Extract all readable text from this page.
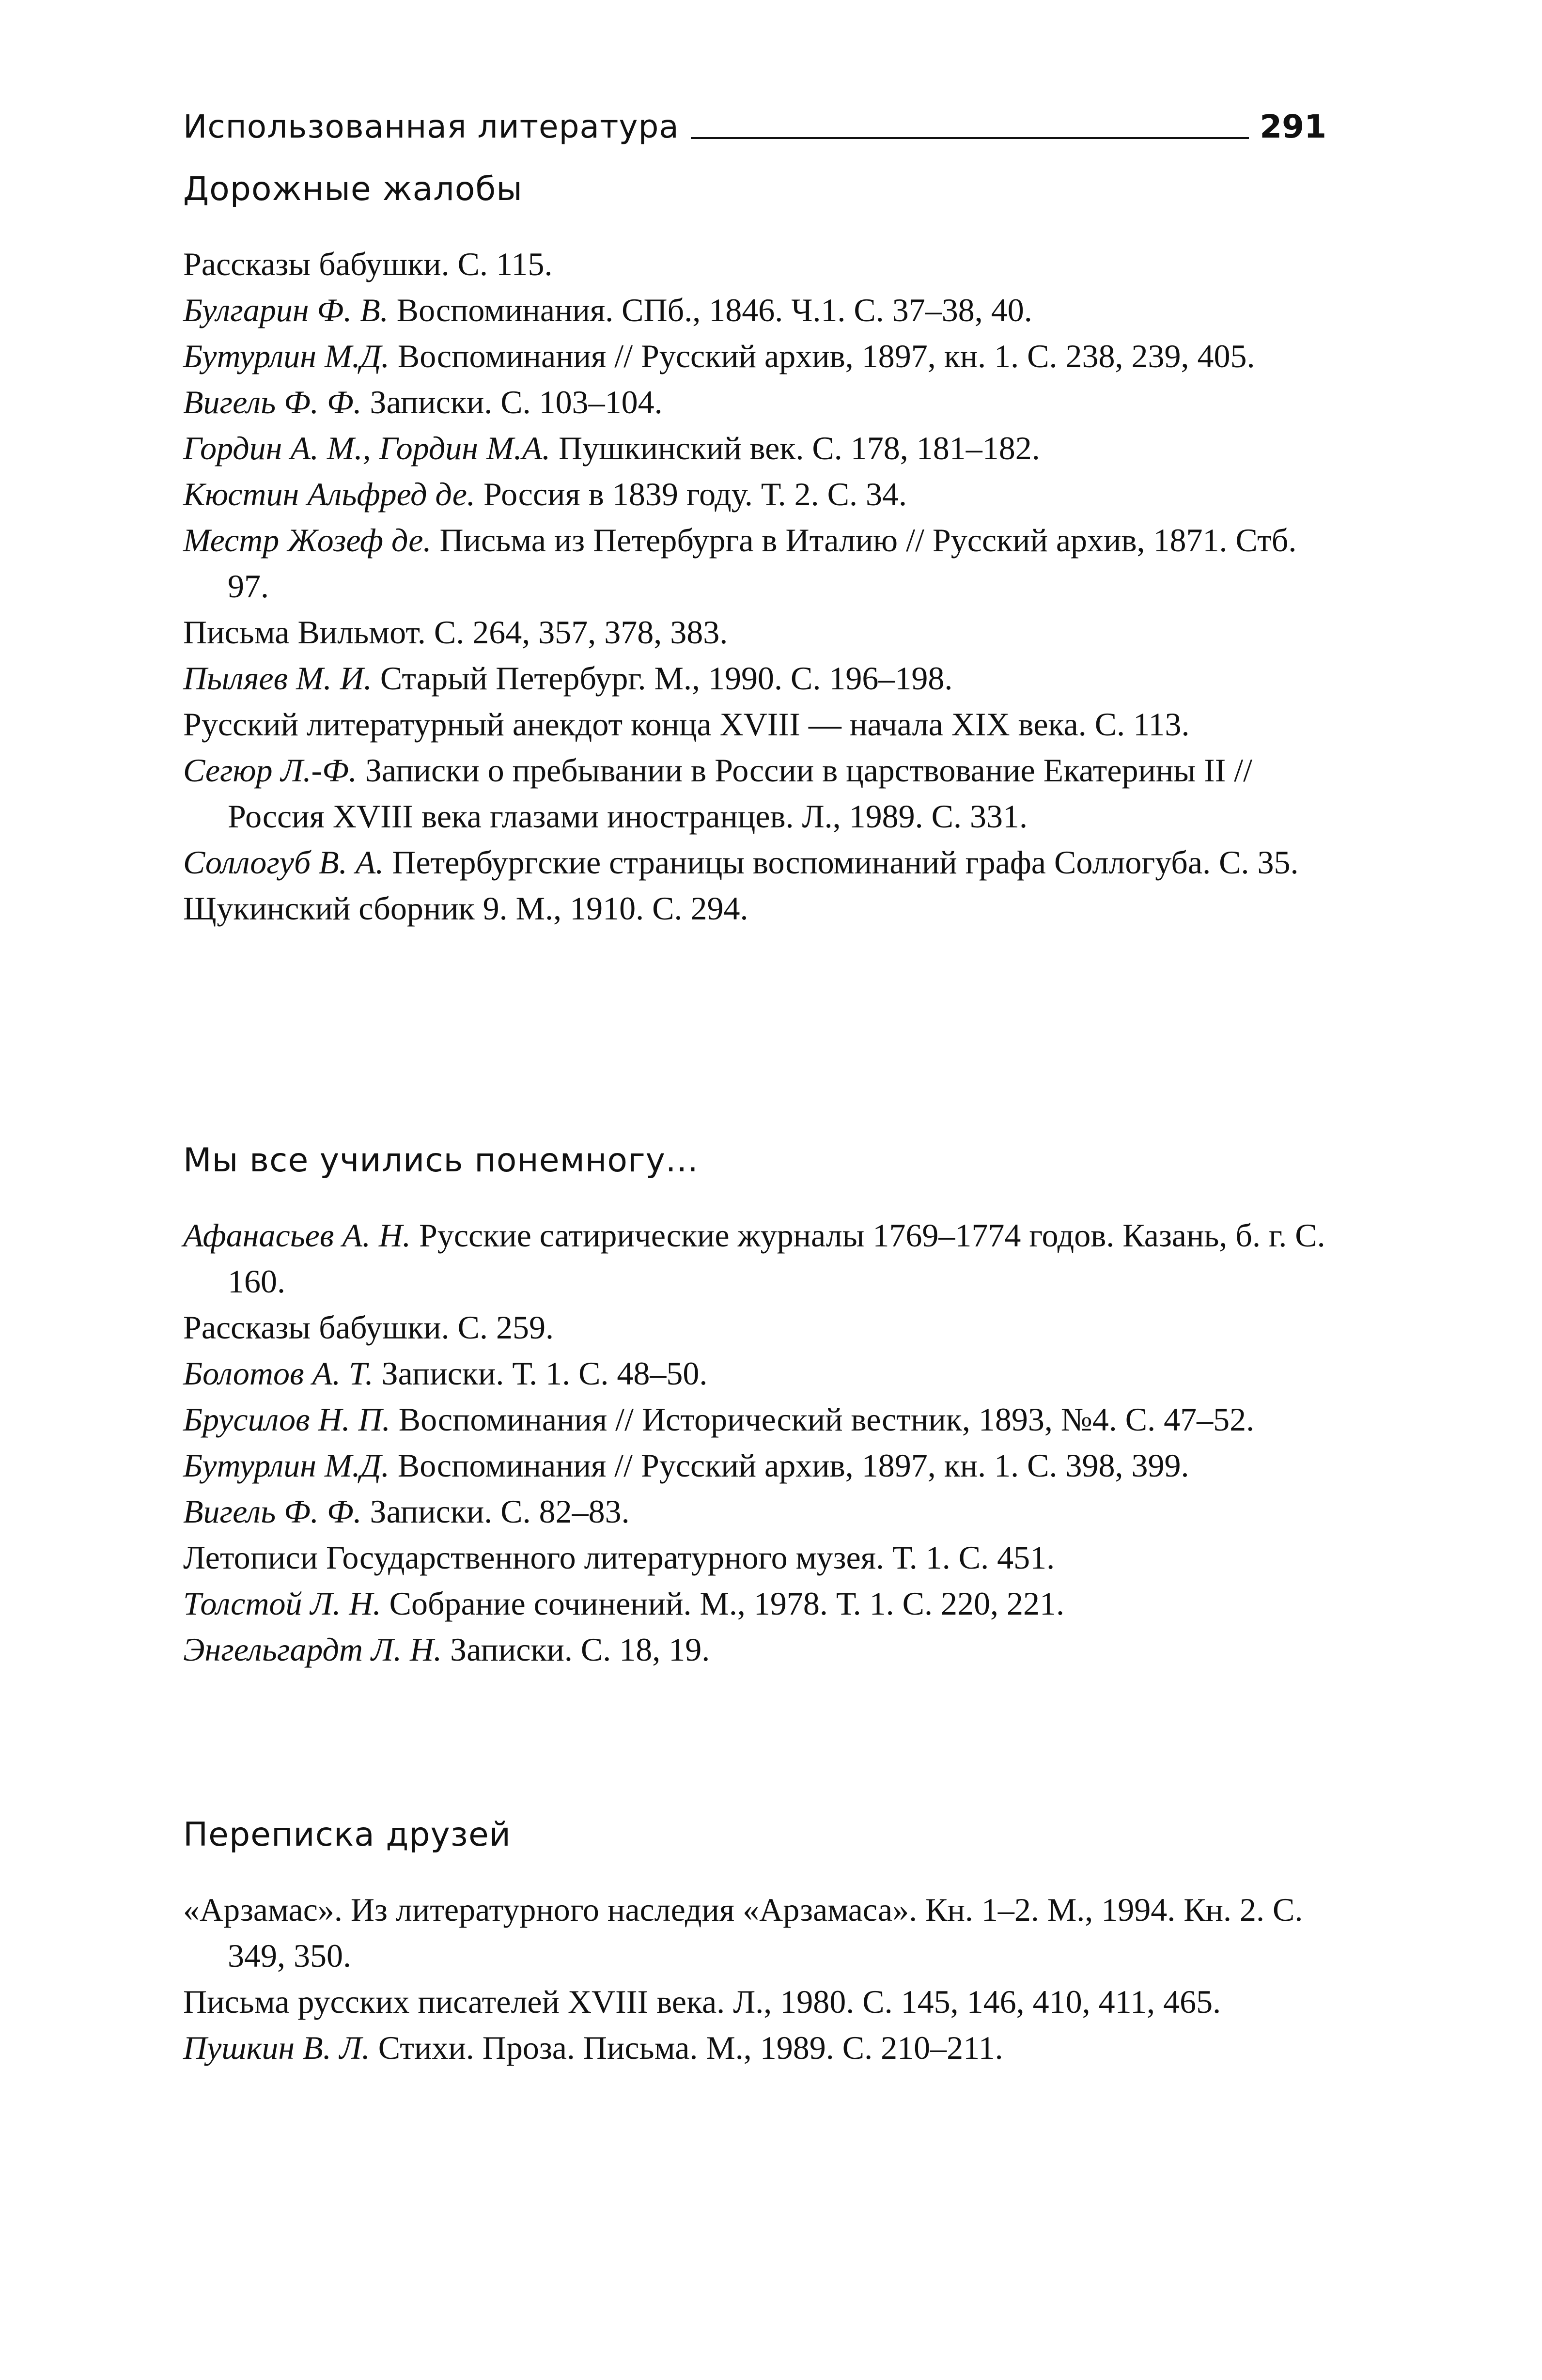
Использованная литература	291
Дорожные жалобы
Рассказы бабушки. С. 115.
Булгарин Ф. В. Воспоминания. СПб., 1846. Ч.1. С. 37–38, 40.
Бутурлин М.Д. Воспоминания // Русский архив, 1897, кн. 1. С. 238, 239, 405.
Вигель Ф. Ф. Записки. С. 103–104.
Гордин А. М., Гордин М.А. Пушкинский век. С. 178, 181–182.
Кюстин Альфред де. Россия в 1839 году. Т. 2. С. 34.
Местр Жозеф де. Письма из Петербурга в Италию // Русский архив, 1871. Стб. 97.
Письма Вильмот. С. 264, 357, 378, 383.
Пыляев М. И. Старый Петербург. М., 1990. С. 196–198.
Русский литературный анекдот конца XVIII — начала XIX века. С. 113.
Сегюр Л.-Ф. Записки о пребывании в России в царствование Екатерины II // Россия XVIII века глазами иностранцев. Л., 1989. С. 331.
Соллогуб В. А. Петербургские страницы воспоминаний графа Соллогуба. С. 35.
Щукинский сборник 9. М., 1910. С. 294.
Мы все учились понемногу...
Афанасьев А. Н. Русские сатирические журналы 1769–1774 годов. Казань, б. г. С. 160.
Рассказы бабушки. С. 259.
Болотов А. Т. Записки. Т. 1. С. 48–50.
Брусилов Н. П. Воспоминания // Исторический вестник, 1893, №4. С. 47–52.
Бутурлин М.Д. Воспоминания // Русский архив, 1897, кн. 1. С. 398, 399.
Вигель Ф. Ф. Записки. С. 82–83.
Летописи Государственного литературного музея. Т. 1. С. 451.
Толстой Л. Н. Собрание сочинений. М., 1978. Т. 1. С. 220, 221.
Энгельгардт Л. Н. Записки. С. 18, 19.
Переписка друзей
«Арзамас». Из литературного наследия «Арзамаса». Кн. 1–2. М., 1994. Кн. 2. С. 349, 350.
Письма русских писателей XVIII века. Л., 1980. С. 145, 146, 410, 411, 465.
Пушкин В. Л. Стихи. Проза. Письма. М., 1989. С. 210–211.
